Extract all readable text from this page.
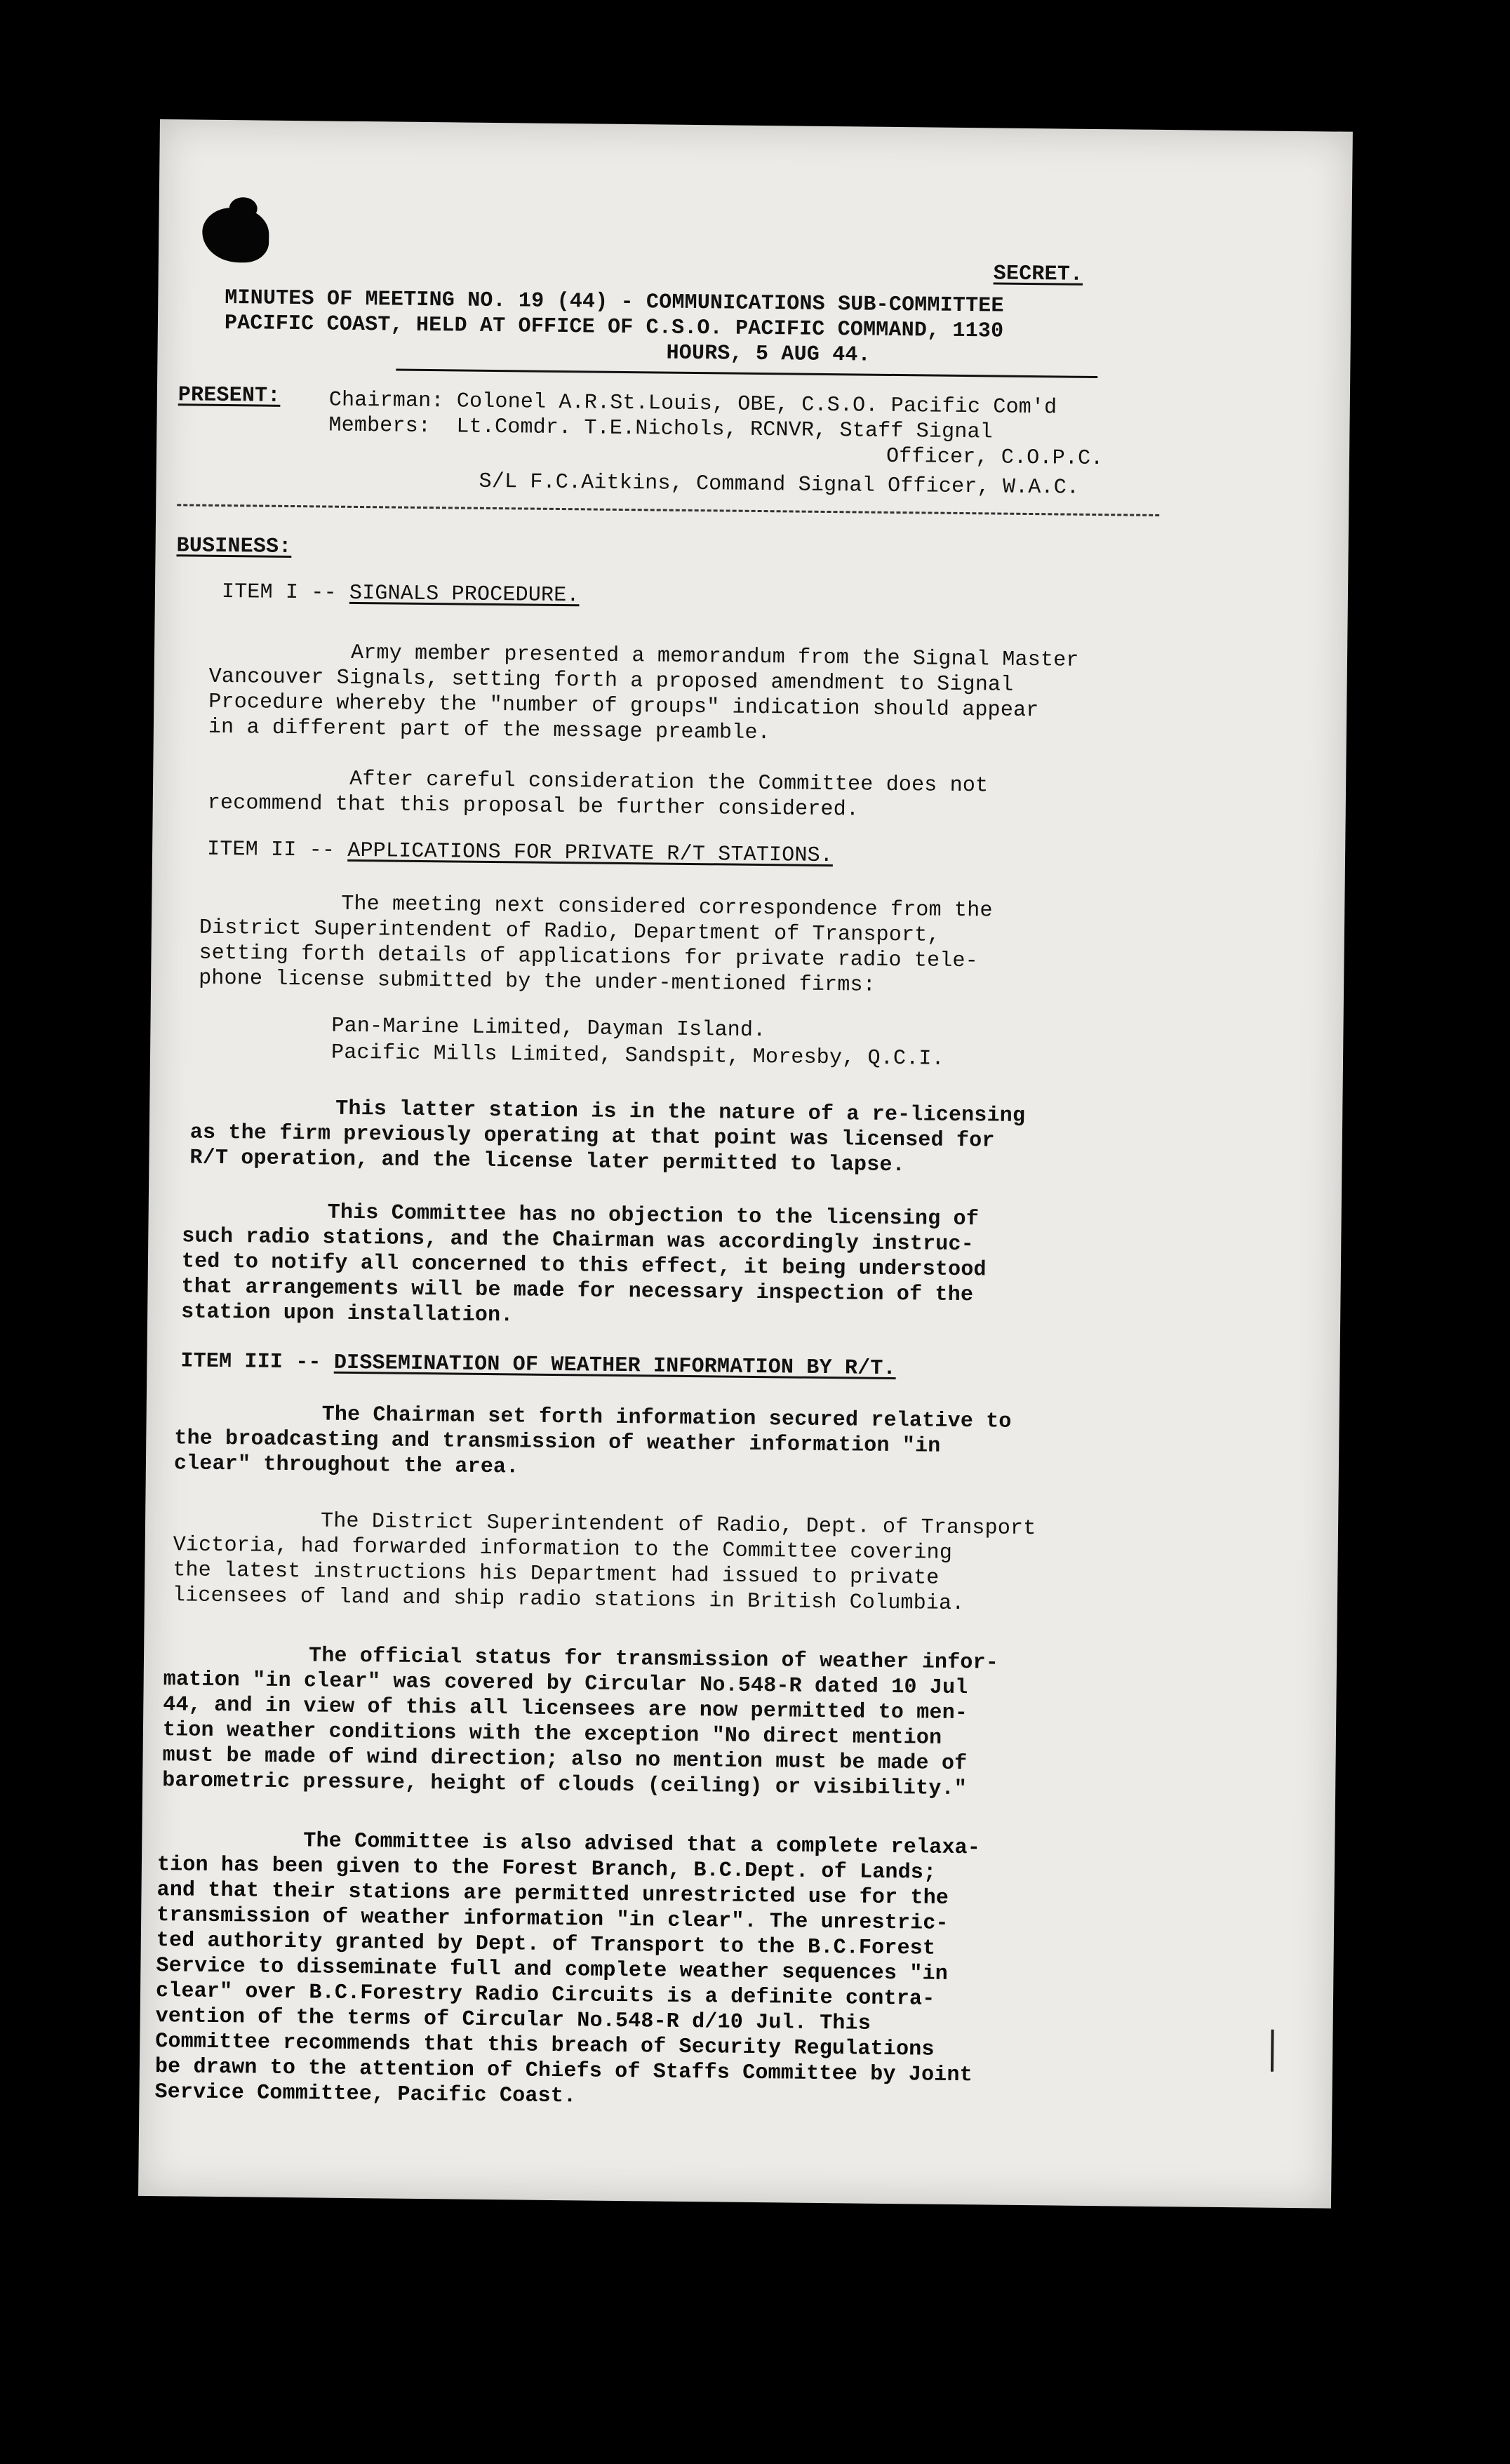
SECRET.
MINUTES OF MEETING NO. 19 (44) - COMMUNICATIONS SUB-COMMITTEE
PACIFIC COAST, HELD AT OFFICE OF C.S.O. PACIFIC COMMAND, 1130
HOURS, 5 AUG 44.
PRESENT: Chairman: Colonel A.R.St.Louis, OBE, C.S.O. Pacific Com'd
Members:  Lt.Comdr. T.E.Nichols, RCNVR, Staff Signal
Officer, C.O.P.C.
S/L F.C.Aitkins, Command Signal Officer, W.A.C.
BUSINESS:
ITEM I -- SIGNALS PROCEDURE.
Army member presented a memorandum from the Signal Master
Vancouver Signals, setting forth a proposed amendment to Signal
Procedure whereby the "number of groups" indication should appear
in a different part of the message preamble.
After careful consideration the Committee does not
recommend that this proposal be further considered.
ITEM II -- APPLICATIONS FOR PRIVATE R/T STATIONS.
The meeting next considered correspondence from the
District Superintendent of Radio, Department of Transport,
setting forth details of applications for private radio tele-
phone license submitted by the under-mentioned firms:
Pan-Marine Limited, Dayman Island.
Pacific Mills Limited, Sandspit, Moresby, Q.C.I.
This latter station is in the nature of a re-licensing
as the firm previously operating at that point was licensed for
R/T operation, and the license later permitted to lapse.
This Committee has no objection to the licensing of
such radio stations, and the Chairman was accordingly instruc-
ted to notify all concerned to this effect, it being understood
that arrangements will be made for necessary inspection of the
station upon installation.
ITEM III -- DISSEMINATION OF WEATHER INFORMATION BY R/T.
The Chairman set forth information secured relative to
the broadcasting and transmission of weather information "in
clear" throughout the area.
The District Superintendent of Radio, Dept. of Transport
Victoria, had forwarded information to the Committee covering
the latest instructions his Department had issued to private
licensees of land and ship radio stations in British Columbia.
The official status for transmission of weather infor-
mation "in clear" was covered by Circular No.548-R dated 10 Jul
44, and in view of this all licensees are now permitted to men-
tion weather conditions with the exception "No direct mention
must be made of wind direction; also no mention must be made of
barometric pressure, height of clouds (ceiling) or visibility."
The Committee is also advised that a complete relaxa-
tion has been given to the Forest Branch, B.C.Dept. of Lands;
and that their stations are permitted unrestricted use for the
transmission of weather information "in clear". The unrestric-
ted authority granted by Dept. of Transport to the B.C.Forest
Service to disseminate full and complete weather sequences "in
clear" over B.C.Forestry Radio Circuits is a definite contra-
vention of the terms of Circular No.548-R d/10 Jul. This
Committee recommends that this breach of Security Regulations
be drawn to the attention of Chiefs of Staffs Committee by Joint
Service Committee, Pacific Coast.
